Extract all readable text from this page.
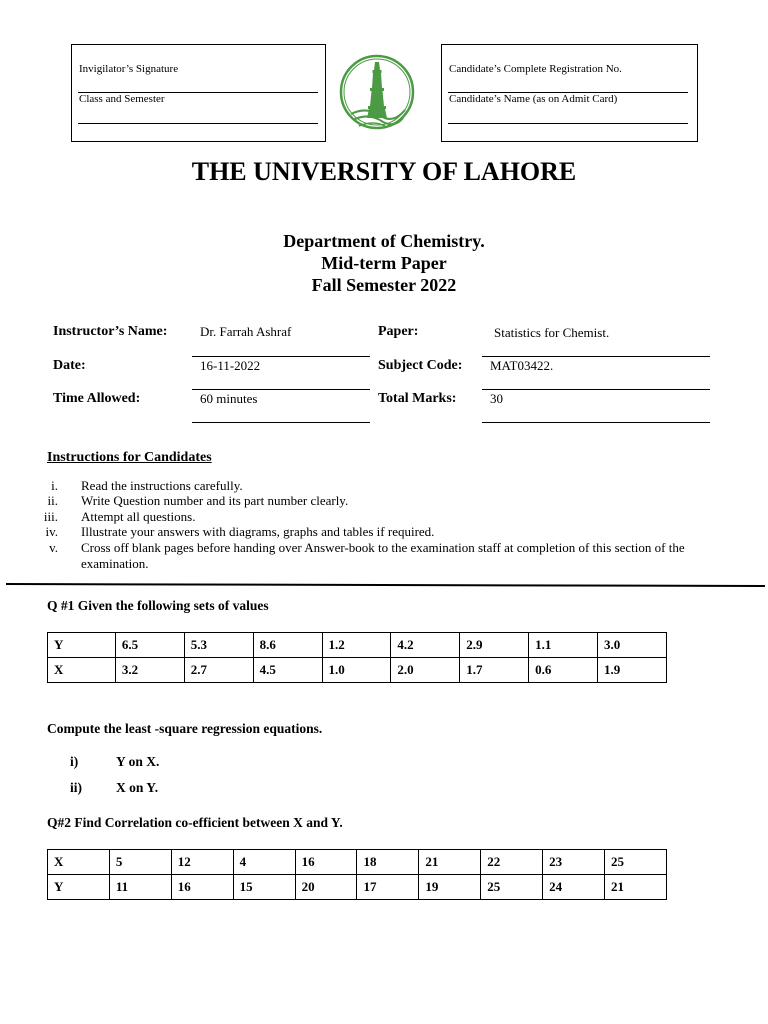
Invigilator’s Signature
Class and Semester
Candidate’s Complete Registration No.
Candidate’s Name (as on Admit Card)
THE UNIVERSITY OF LAHORE
Department of Chemistry.
Mid-term Paper
Fall Semester 2022
Instructor’s Name:	Dr. Farrah Ashraf	Paper:	Statistics for Chemist.
Date:	16-11-2022	Subject Code: MAT03422.
Time Allowed:	60 minutes	Total Marks:	30
Instructions for Candidates
i. Read the instructions carefully.
ii. Write Question number and its part number clearly.
iii. Attempt all questions.
iv. Illustrate your answers with diagrams, graphs and tables if required.
v. Cross off blank pages before handing over Answer-book to the examination staff at completion of this section of the examination.
Q #1 Given the following sets of values
Y	6.5	5.3	8.6	1.2	4.2	2.9	1.1	3.0
X	3.2	2.7	4.5	1.0	2.0	1.7	0.6	1.9
Compute the least -square regression equations.
i)	Y on X.
ii)	X on Y.
Q#2 Find Correlation co-efficient between X and Y.
X	5	12	4	16	18	21	22	23	25
Y	11	16	15	20	17	19	25	24	21
